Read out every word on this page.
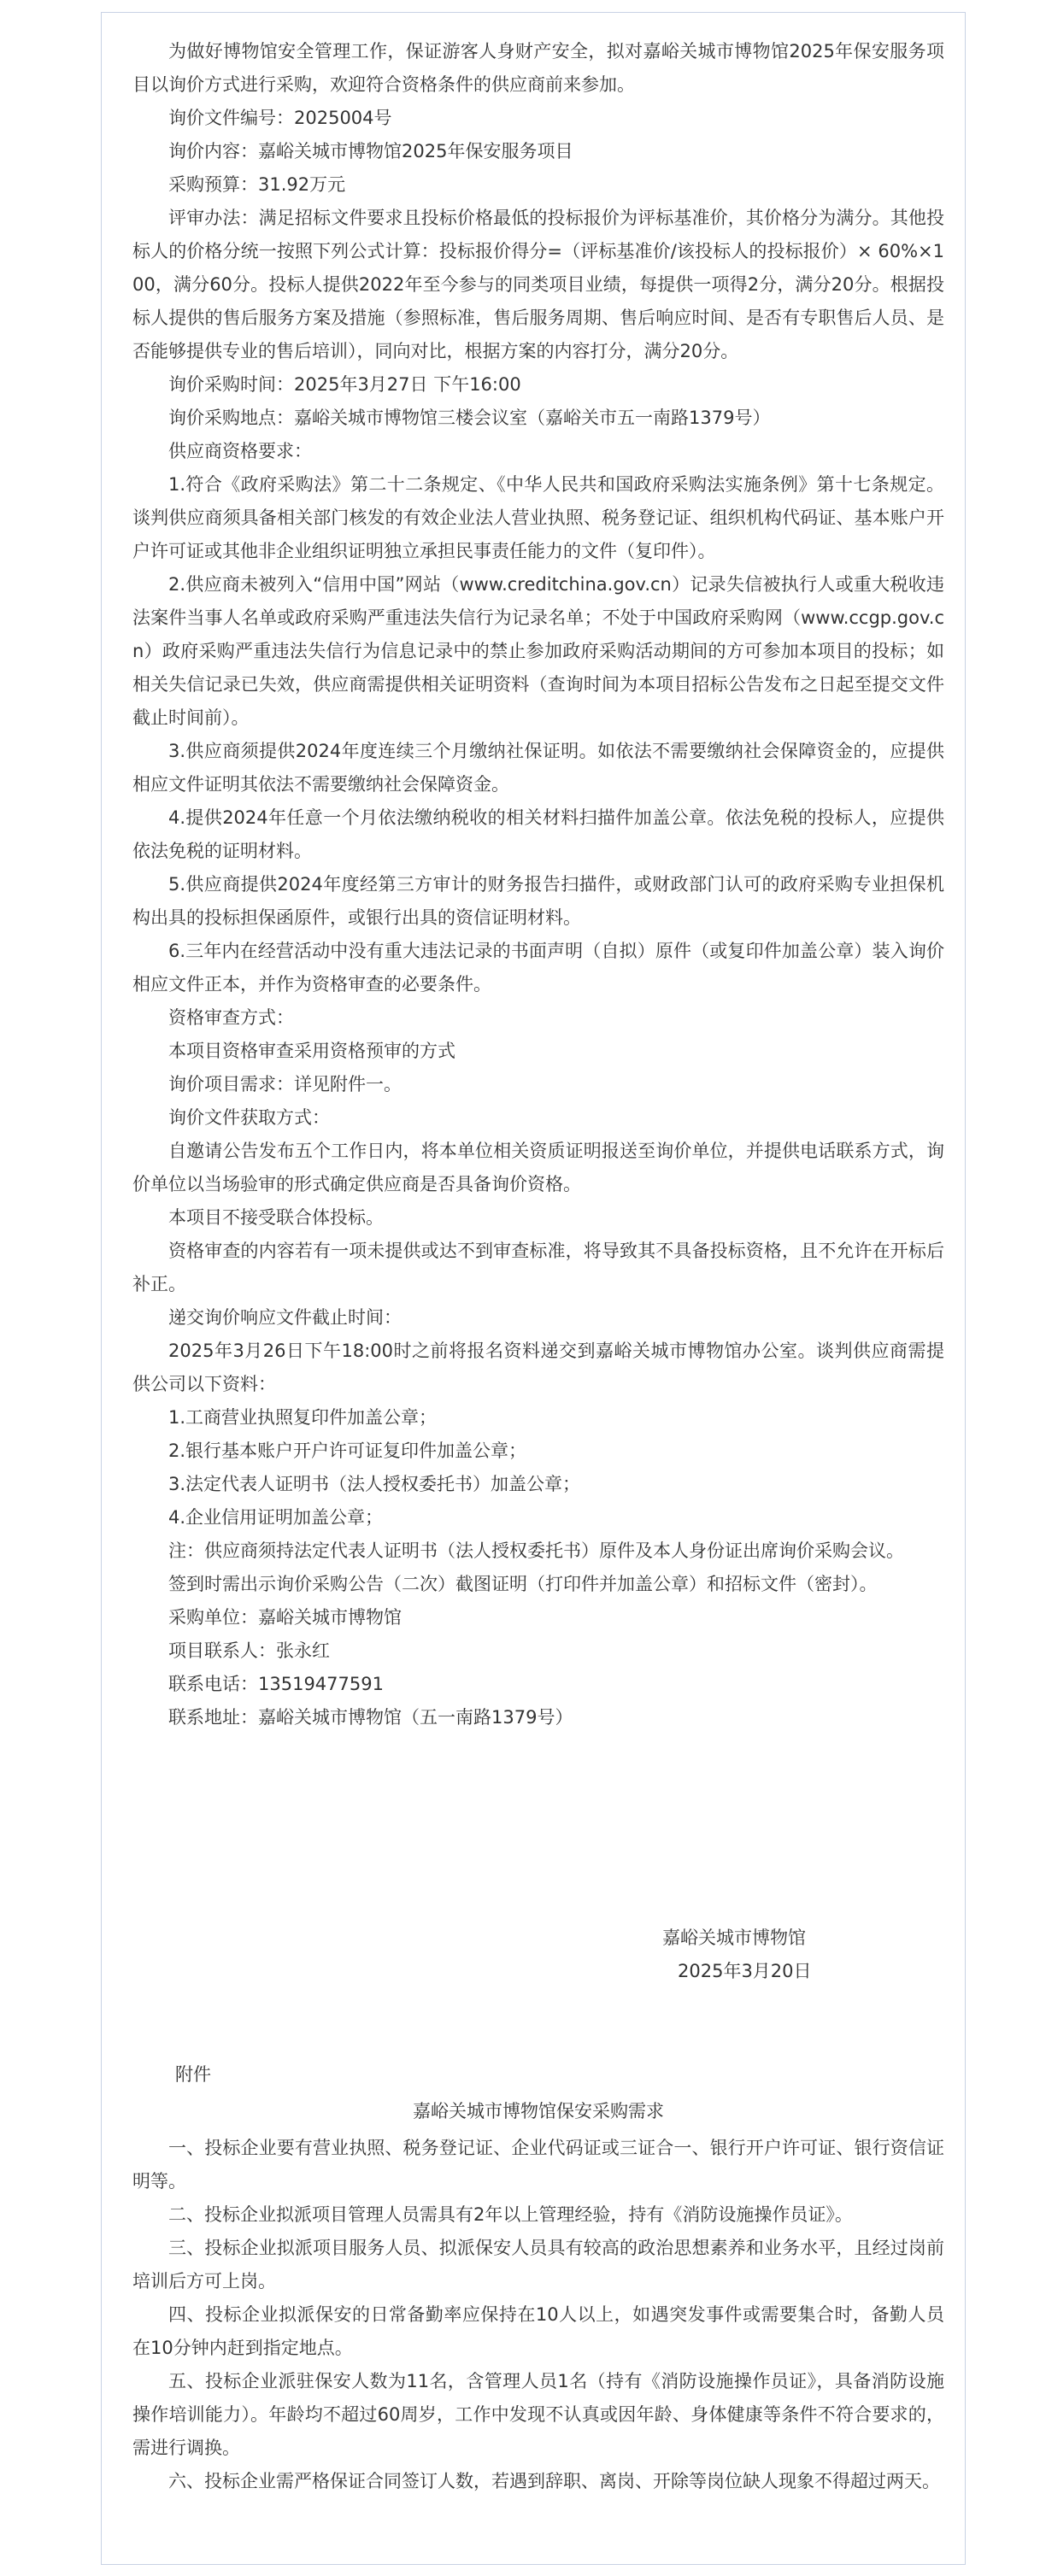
为做好博物馆安全管理工作，保证游客人身财产安全，拟对嘉峪关城市博物馆2025年保安服务项目以询价方式进行采购，欢迎符合资格条件的供应商前来参加。

询价文件编号：2025004号

询价内容：嘉峪关城市博物馆2025年保安服务项目

采购预算：31.92万元

评审办法：满足招标文件要求且投标价格最低的投标报价为评标基准价，其价格分为满分。其他投标人的价格分统一按照下列公式计算：投标报价得分=（评标基准价/该投标人的投标报价）× 60%×100，满分60分。投标人提供2022年至今参与的同类项目业绩，每提供一项得2分，满分20分。根据投标人提供的售后服务方案及措施（参照标准，售后服务周期、售后响应时间、是否有专职售后人员、是否能够提供专业的售后培训），同向对比，根据方案的内容打分，满分20分。

询价采购时间：2025年3月27日 下午16:00

询价采购地点：嘉峪关城市博物馆三楼会议室（嘉峪关市五一南路1379号）

供应商资格要求：

1.符合《政府采购法》第二十二条规定、《中华人民共和国政府采购法实施条例》第十七条规定。谈判供应商须具备相关部门核发的有效企业法人营业执照、税务登记证、组织机构代码证、基本账户开户许可证或其他非企业组织证明独立承担民事责任能力的文件（复印件）。

2.供应商未被列入“信用中国”网站（www.creditchina.gov.cn）记录失信被执行人或重大税收违法案件当事人名单或政府采购严重违法失信行为记录名单；不处于中国政府采购网（www.ccgp.gov.cn）政府采购严重违法失信行为信息记录中的禁止参加政府采购活动期间的方可参加本项目的投标；如相关失信记录已失效，供应商需提供相关证明资料（查询时间为本项目招标公告发布之日起至提交文件截止时间前）。

3.供应商须提供2024年度连续三个月缴纳社保证明。如依法不需要缴纳社会保障资金的，应提供相应文件证明其依法不需要缴纳社会保障资金。

4.提供2024年任意一个月依法缴纳税收的相关材料扫描件加盖公章。依法免税的投标人，应提供依法免税的证明材料。

5.供应商提供2024年度经第三方审计的财务报告扫描件，或财政部门认可的政府采购专业担保机构出具的投标担保函原件，或银行出具的资信证明材料。

6.三年内在经营活动中没有重大违法记录的书面声明（自拟）原件（或复印件加盖公章）装入询价相应文件正本，并作为资格审查的必要条件。

资格审查方式：

本项目资格审查采用资格预审的方式

询价项目需求：详见附件一。

询价文件获取方式：

自邀请公告发布五个工作日内，将本单位相关资质证明报送至询价单位，并提供电话联系方式，询价单位以当场验审的形式确定供应商是否具备询价资格。

本项目不接受联合体投标。

资格审查的内容若有一项未提供或达不到审查标准，将导致其不具备投标资格，且不允许在开标后补正。

递交询价响应文件截止时间：

2025年3月26日下午18:00时之前将报名资料递交到嘉峪关城市博物馆办公室。谈判供应商需提供公司以下资料：

1.工商营业执照复印件加盖公章；

2.银行基本账户开户许可证复印件加盖公章；

3.法定代表人证明书（法人授权委托书）加盖公章；

4.企业信用证明加盖公章；

注：供应商须持法定代表人证明书（法人授权委托书）原件及本人身份证出席询价采购会议。

签到时需出示询价采购公告（二次）截图证明（打印件并加盖公章）和招标文件（密封）。

采购单位：嘉峪关城市博物馆

项目联系人：张永红

联系电话：13519477591

联系地址：嘉峪关城市博物馆（五一南路1379号）

嘉峪关城市博物馆
2025年3月20日
附件
嘉峪关城市博物馆保安采购需求

一、投标企业要有营业执照、税务登记证、企业代码证或三证合一、银行开户许可证、银行资信证明等。

二、投标企业拟派项目管理人员需具有2年以上管理经验，持有《消防设施操作员证》。

三、投标企业拟派项目服务人员、拟派保安人员具有较高的政治思想素养和业务水平，且经过岗前培训后方可上岗。

四、投标企业拟派保安的日常备勤率应保持在10人以上，如遇突发事件或需要集合时，备勤人员在10分钟内赶到指定地点。

五、投标企业派驻保安人数为11名，含管理人员1名（持有《消防设施操作员证》，具备消防设施操作培训能力）。年龄均不超过60周岁，工作中发现不认真或因年龄、身体健康等条件不符合要求的，需进行调换。

六、投标企业需严格保证合同签订人数，若遇到辞职、离岗、开除等岗位缺人现象不得超过两天。
